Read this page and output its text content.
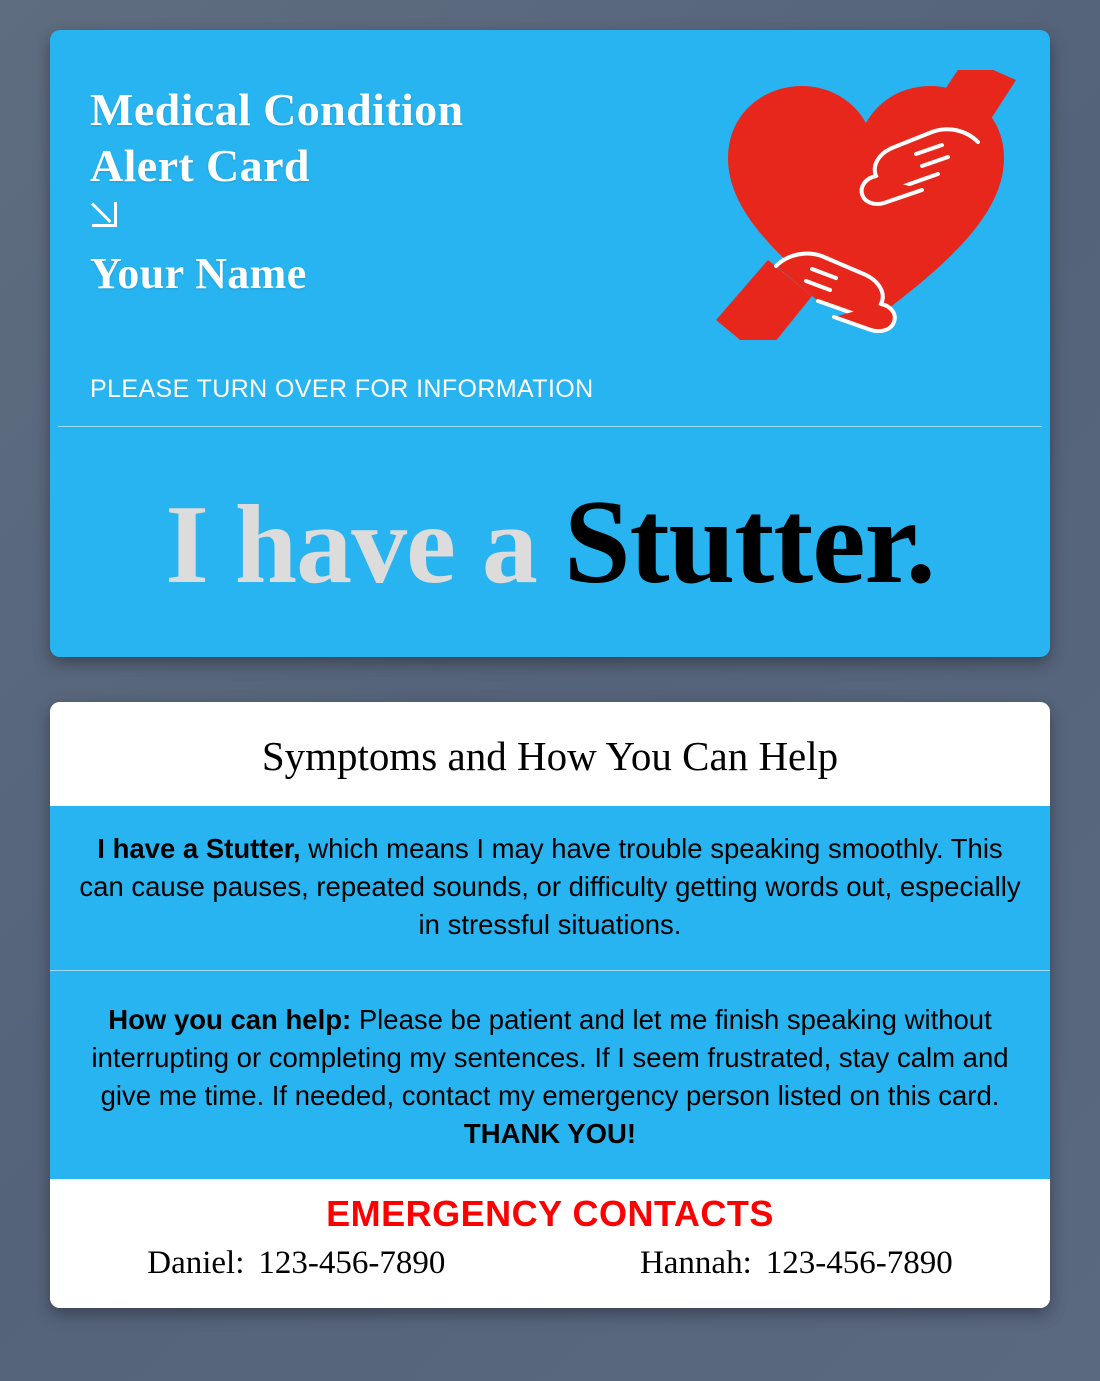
Medical Condition
Alert Card
Your Name
PLEASE TURN OVER FOR INFORMATION
I have a Stutter.
Symptoms and How You Can Help
I have a Stutter, which means I may have trouble speaking smoothly. This can cause pauses, repeated sounds, or difficulty getting words out, especially in stressful situations.
How you can help: Please be patient and let me finish speaking without interrupting or completing my sentences. If I seem frustrated, stay calm and give me time. If needed, contact my emergency person listed on this card. THANK YOU!
EMERGENCY CONTACTS
Daniel: 123-456-7890	Hannah: 123-456-7890
